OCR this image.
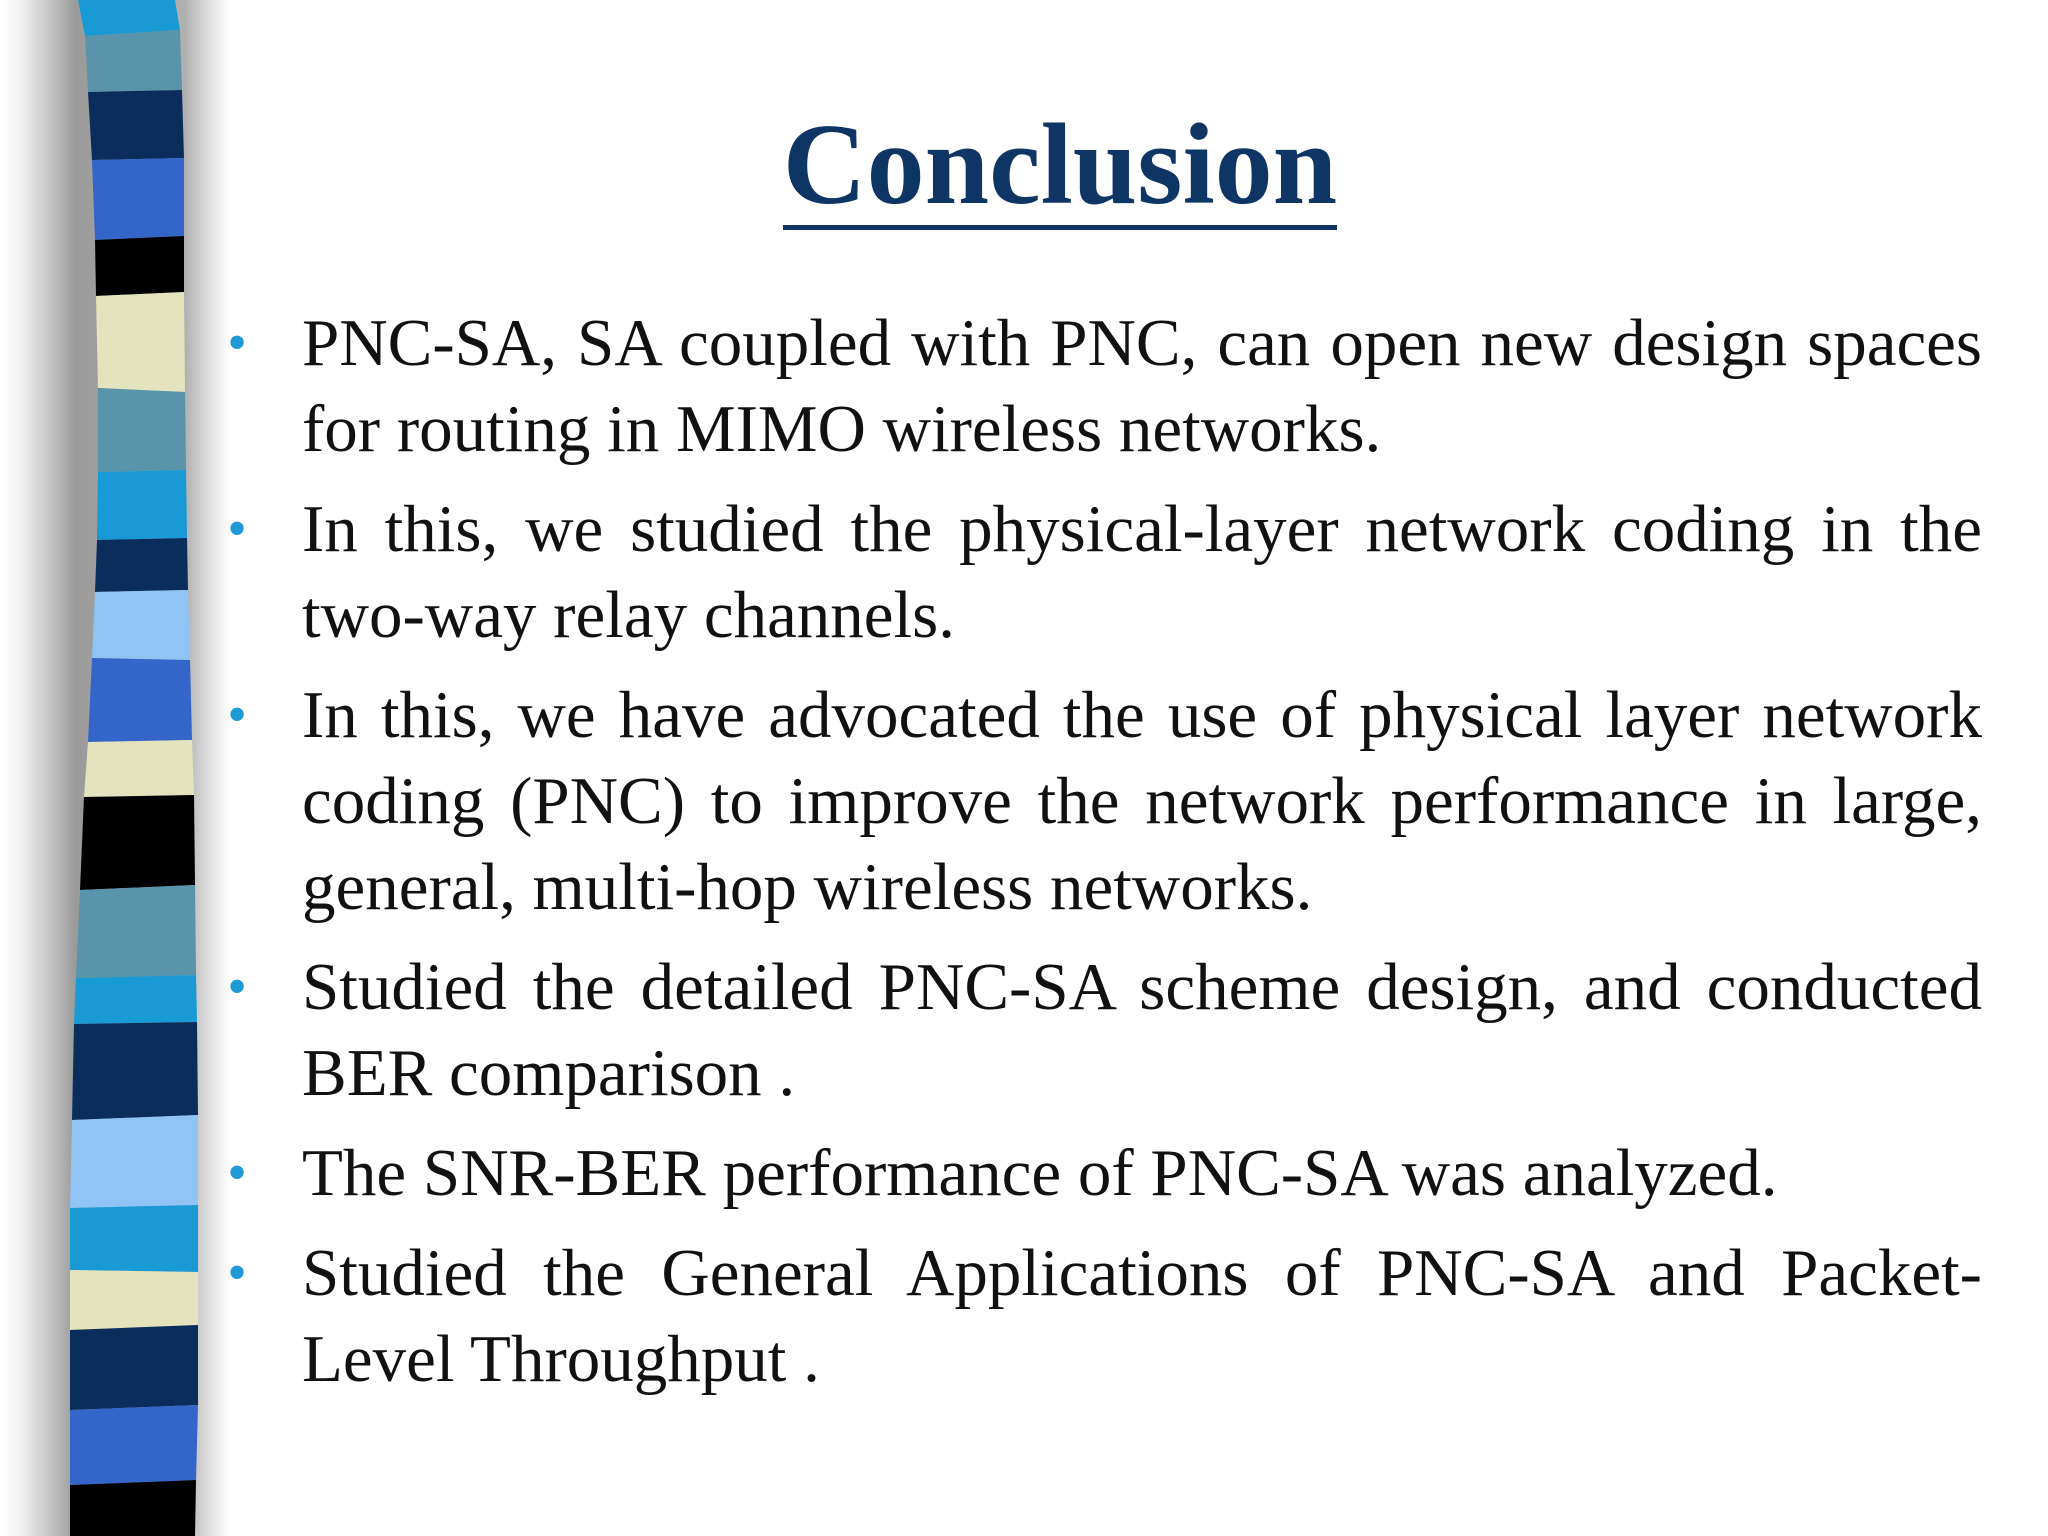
Conclusion
• PNC-SA, SA coupled with PNC, can open new design spaces for routing in MIMO wireless networks.
• In this, we studied the physical-layer network coding in the two-way relay channels.
• In this, we have advocated the use of physical layer network coding (PNC) to improve the network performance in large, general, multi-hop wireless networks.
• Studied the detailed PNC-SA scheme design, and conducted BER comparison .
• The SNR-BER performance of PNC-SA was analyzed.
• Studied the General Applications of PNC-SA and Packet-Level Throughput .
